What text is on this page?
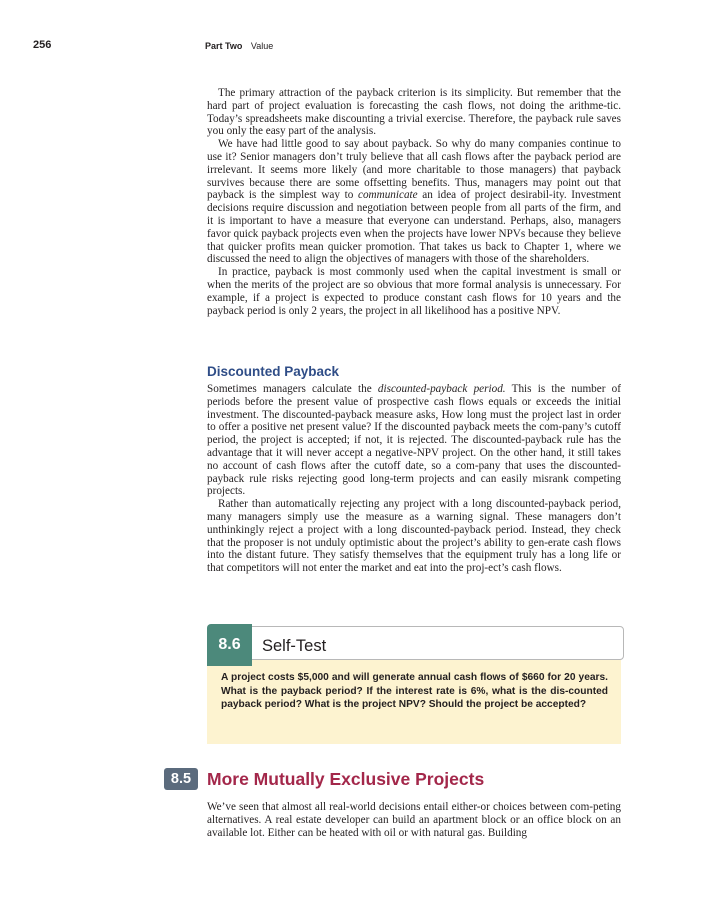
256	Part Two Value

The primary attraction of the payback criterion is its simplicity. But remember that the hard part of project evaluation is forecasting the cash flows, not doing the arithme-tic. Today’s spreadsheets make discounting a trivial exercise. Therefore, the payback rule saves you only the easy part of the analysis.

We have had little good to say about payback. So why do many companies continue to use it? Senior managers don’t truly believe that all cash flows after the payback period are irrelevant. It seems more likely (and more charitable to those managers) that payback survives because there are some offsetting benefits. Thus, managers may point out that payback is the simplest way to communicate an idea of project desirabil-ity. Investment decisions require discussion and negotiation between people from all parts of the firm, and it is important to have a measure that everyone can understand. Perhaps, also, managers favor quick payback projects even when the projects have lower NPVs because they believe that quicker profits mean quicker promotion. That takes us back to Chapter 1, where we discussed the need to align the objectives of managers with those of the shareholders.

In practice, payback is most commonly used when the capital investment is small or when the merits of the project are so obvious that more formal analysis is unnecessary. For example, if a project is expected to produce constant cash flows for 10 years and the payback period is only 2 years, the project in all likelihood has a positive NPV.

Discounted Payback

Sometimes managers calculate the discounted-payback period. This is the number of periods before the present value of prospective cash flows equals or exceeds the initial investment. The discounted-payback measure asks, How long must the project last in order to offer a positive net present value? If the discounted payback meets the com-pany’s cutoff period, the project is accepted; if not, it is rejected. The discounted-payback rule has the advantage that it will never accept a negative-NPV project. On the other hand, it still takes no account of cash flows after the cutoff date, so a com-pany that uses the discounted-payback rule risks rejecting good long-term projects and can easily misrank competing projects.

Rather than automatically rejecting any project with a long discounted-payback period, many managers simply use the measure as a warning signal. These managers don’t unthinkingly reject a project with a long discounted-payback period. Instead, they check that the proposer is not unduly optimistic about the project’s ability to gen-erate cash flows into the distant future. They satisfy themselves that the equipment truly has a long life or that competitors will not enter the market and eat into the proj-ect’s cash flows.

8.6	Self-Test

A project costs $5,000 and will generate annual cash flows of $660 for 20 years. What is the payback period? If the interest rate is 6%, what is the dis-counted payback period? What is the project NPV? Should the project be accepted?

8.5 More Mutually Exclusive Projects

We’ve seen that almost all real-world decisions entail either-or choices between com-peting alternatives. A real estate developer can build an apartment block or an office block on an available lot. Either can be heated with oil or with natural gas. Building
